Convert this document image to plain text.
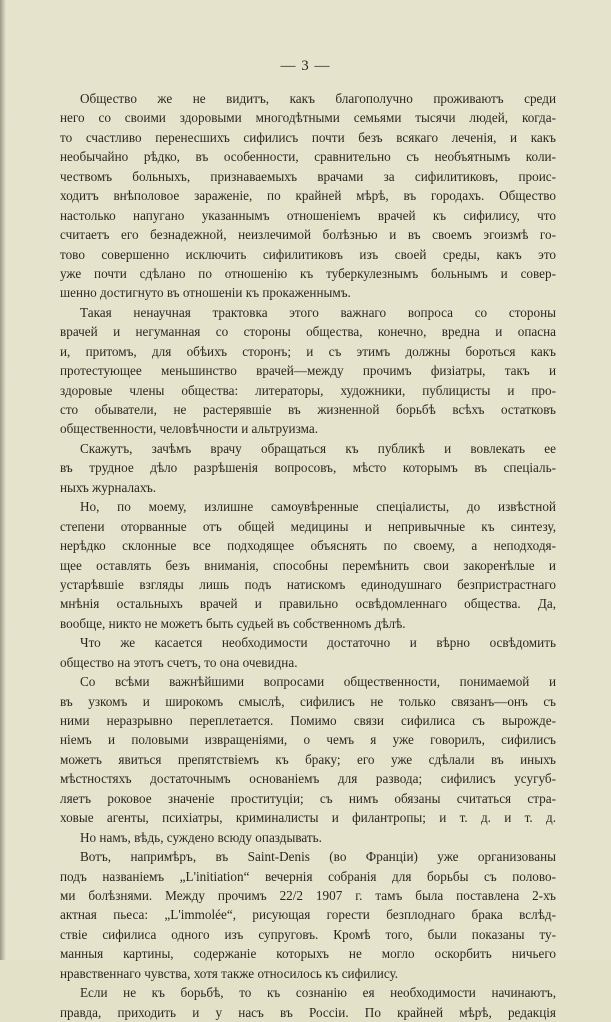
— 3 —
Общество же не видитъ, какъ благополучно проживаютъ среди
него со своими здоровыми многодѣтными семьями тысячи людей, когда-
то счастливо перенесшихъ сифилисъ почти безъ всякаго леченія, и какъ
необычайно рѣдко, въ особенности, сравнительно съ необъятнымъ коли-
чествомъ больныхъ, признаваемыхъ врачами за сифилитиковъ, проис-
ходитъ внѣполовое зараженіе, по крайней мѣрѣ, въ городахъ. Общество
настолько напугано указаннымъ отношеніемъ врачей къ сифилису, что
считаетъ его безнадежной, неизлечимой болѣзнью и въ своемъ эгоизмѣ го-
тово совершенно исключить сифилитиковъ изъ своей среды, какъ это
уже почти сдѣлано по отношенію къ туберкулезнымъ больнымъ и совер-
шенно достигнуто въ отношеніи къ прокаженнымъ.
Такая ненаучная трактовка этого важнаго вопроса со стороны
врачей и негуманная со стороны общества, конечно, вредна и опасна
и, притомъ, для обѣихъ сторонъ; и съ этимъ должны бороться какъ
протестующее меньшинство врачей—между прочимъ физіатры, такъ и
здоровые члены общества: литераторы, художники, публицисты и про-
сто обыватели, не растерявшіе въ жизненной борьбѣ всѣхъ остатковъ
общественности, человѣчности и альтруизма.
Скажутъ, зачѣмъ врачу обращаться къ публикѣ и вовлекать ее
въ трудное дѣло разрѣшенія вопросовъ, мѣсто которымъ въ спеціаль-
ныхъ журналахъ.
Но, по моему, излишне самоувѣренные спеціалисты, до извѣстной
степени оторванные отъ общей медицины и непривычные къ синтезу,
нерѣдко склонные все подходящее объяснять по своему, а неподходя-
щее оставлять безъ вниманія, способны перемѣнить свои закоренѣлые и
устарѣвшіе взгляды лишь подъ натискомъ единодушнаго безпристрастнаго
мнѣнія остальныхъ врачей и правильно освѣдомленнаго общества. Да,
вообще, никто не можетъ быть судьей въ собственномъ дѣлѣ.
Что же касается необходимости достаточно и вѣрно освѣдомить
общество на этотъ счетъ, то она очевидна.
Со всѣми важнѣйшими вопросами общественности, понимаемой и
въ узкомъ и широкомъ смыслѣ, сифилисъ не только связанъ—онъ съ
ними неразрывно переплетается. Помимо связи сифилиса съ вырожде-
ніемъ и половыми извращеніями, о чемъ я уже говорилъ, сифилисъ
можетъ явиться препятствіемъ къ браку; его уже сдѣлали въ иныхъ
мѣстностяхъ достаточнымъ основаніемъ для развода; сифилисъ усугуб-
ляетъ роковое значеніе проституціи; съ нимъ обязаны считаться стра-
ховые агенты, психіатры, криминалисты и филантропы; и т. д. и т. д.
Но намъ, вѣдь, суждено всюду опаздывать.
Вотъ, напримѣръ, въ Saint-Denis (во Франціи) уже организованы
подъ названіемъ „L'initiation“ вечернія собранія для борьбы съ полово-
ми болѣзнями. Между прочимъ 22/2 1907 г. тамъ была поставлена 2-хъ
актная пьеса: „L'immolée“, рисующая горести безплоднаго брака вслѣд-
ствіе сифилиса одного изъ супруговъ. Кромѣ того, были показаны ту-
манныя картины, содержаніе которыхъ не могло оскорбить ничьего
нравственнаго чувства, хотя также относилось къ сифилису.
Если не къ борьбѣ, то къ сознанію ея необходимости начинаютъ,
правда, приходить и у насъ въ Россіи. По крайней мѣрѣ, редакція
